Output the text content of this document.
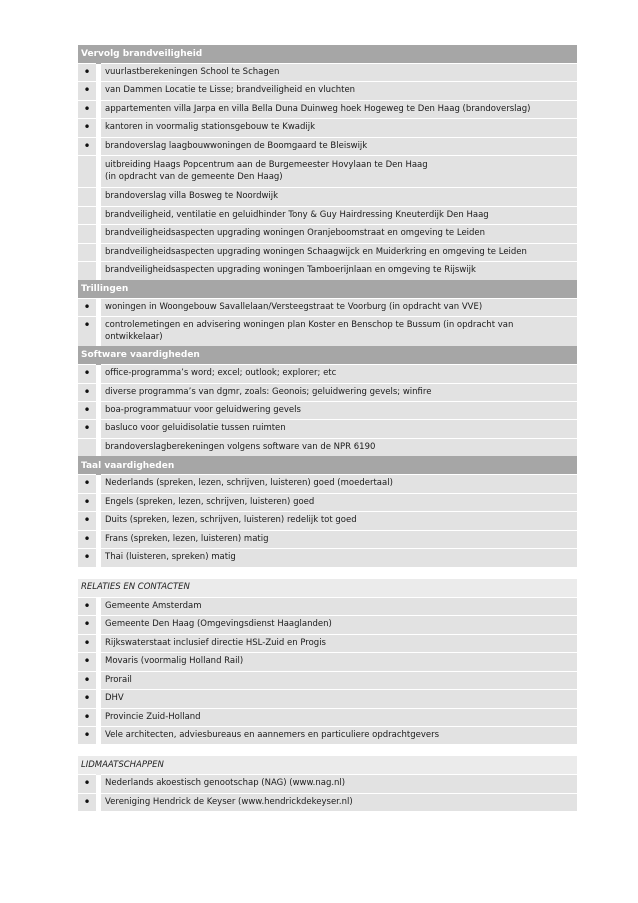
Vervolg brandveiligheid		
•		vuurlastberekeningen School te Schagen
•		van Dammen Locatie te Lisse; brandveiligheid en vluchten
•		appartementen villa Jarpa en villa Bella Duna Duinweg hoek Hogeweg te Den Haag (brandoverslag)
•		kantoren in voormalig stationsgebouw te Kwadijk
•		brandoverslag laagbouwwoningen de Boomgaard te Bleiswijk

		uitbreiding Haags Popcentrum aan de Burgemeester Hovylaan te Den Haag
(in opdracht van de gemeente Den Haag)

		brandoverslag villa Bosweg te Noordwijk
		brandveiligheid, ventilatie en geluidhinder Tony & Guy Hairdressing Kneuterdijk Den Haag
		brandveiligheidsaspecten upgrading woningen Oranjeboomstraat en omgeving te Leiden
		brandveiligheidsaspecten upgrading woningen Schaagwijck en Muiderkring en omgeving te Leiden
		brandveiligheidsaspecten upgrading woningen Tamboerijnlaan en omgeving te Rijswijk
Trillingen		
•		woningen in Woongebouw Savallelaan/Versteegstraat te Voorburg (in opdracht van VVE)
•		controlemetingen en advisering woningen plan Koster en Benschop te Bussum (in opdracht van ontwikkelaar)
Software vaardigheden		
•		office-programma’s word; excel; outlook; explorer; etc
•		diverse programma’s van dgmr, zoals: Geonois; geluidwering gevels; winfire
•		boa-programmatuur voor geluidwering gevels
•		basluco voor geluidisolatie tussen ruimten
		brandoverslagberekeningen volgens software van de NPR 6190
Taal vaardigheden		
•		Nederlands (spreken, lezen, schrijven, luisteren) goed (moedertaal)
•		Engels (spreken, lezen, schrijven, luisteren) goed
•		Duits (spreken, lezen, schrijven, luisteren) redelijk tot goed
•		Frans (spreken, lezen, luisteren) matig
•		Thai (luisteren, spreken) matig

RELATIES EN CONTACTEN		
•		Gemeente Amsterdam
•		Gemeente Den Haag (Omgevingsdienst Haaglanden)
•		Rijkswaterstaat inclusief directie HSL-Zuid en Progis
•		Movaris (voormalig Holland Rail)
•		Prorail
•		DHV
•		Provincie Zuid-Holland
•		Vele architecten, adviesbureaus en aannemers en particuliere opdrachtgevers

LIDMAATSCHAPPEN		
•		Nederlands akoestisch genootschap (NAG) (www.nag.nl)
•		Vereniging Hendrick de Keyser (www.hendrickdekeyser.nl)
